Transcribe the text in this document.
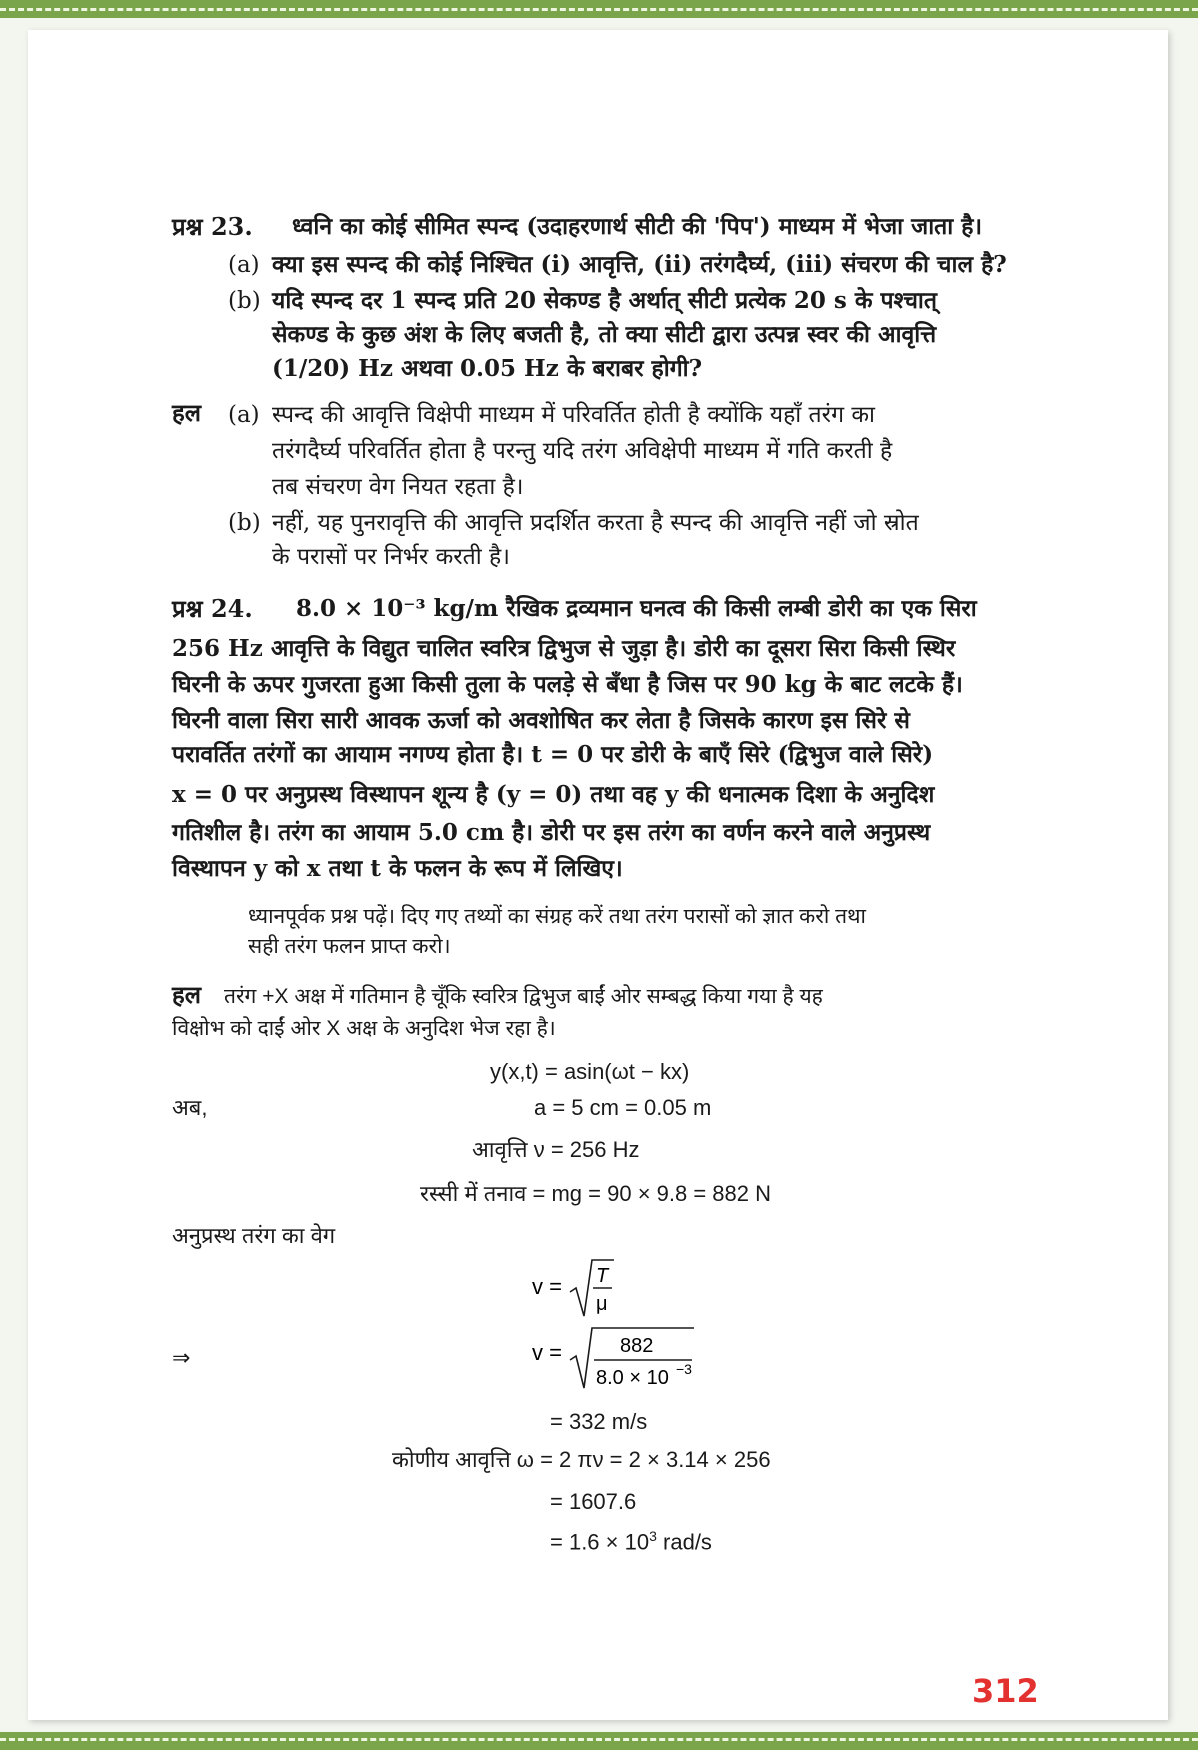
प्रश्न 23. ध्वनि का कोई सीमित स्पन्द (उदाहरणार्थ सीटी की 'पिप') माध्यम में भेजा जाता है।
(a) क्या इस स्पन्द की कोई निश्चित (i) आवृत्ति, (ii) तरंगदैर्घ्य, (iii) संचरण की चाल है?
(b) यदि स्पन्द दर 1 स्पन्द प्रति 20 सेकण्ड है अर्थात् सीटी प्रत्येक 20 s के पश्चात्
सेकण्ड के कुछ अंश के लिए बजती है, तो क्या सीटी द्वारा उत्पन्न स्वर की आवृत्ति
(1/20) Hz अथवा 0.05 Hz के बराबर होगी?
हल (a) स्पन्द की आवृत्ति विक्षेपी माध्यम में परिवर्तित होती है क्योंकि यहाँ तरंग का
तरंगदैर्घ्य परिवर्तित होता है परन्तु यदि तरंग अविक्षेपी माध्यम में गति करती है
तब संचरण वेग नियत रहता है।
(b) नहीं, यह पुनरावृत्ति की आवृत्ति प्रदर्शित करता है स्पन्द की आवृत्ति नहीं जो स्रोत
के परासों पर निर्भर करती है।
प्रश्न 24. 8.0 × 10⁻³ kg/m रैखिक द्रव्यमान घनत्व की किसी लम्बी डोरी का एक सिरा
256 Hz आवृत्ति के विद्युत चालित स्वरित्र द्विभुज से जुड़ा है। डोरी का दूसरा सिरा किसी स्थिर
घिरनी के ऊपर गुजरता हुआ किसी तुला के पलड़े से बँधा है जिस पर 90 kg के बाट लटके हैं।
घिरनी वाला सिरा सारी आवक ऊर्जा को अवशोषित कर लेता है जिसके कारण इस सिरे से
परावर्तित तरंगों का आयाम नगण्य होता है। t = 0 पर डोरी के बाएँ सिरे (द्विभुज वाले सिरे)
x = 0 पर अनुप्रस्थ विस्थापन शून्य है (y = 0) तथा वह y की धनात्मक दिशा के अनुदिश
गतिशील है। तरंग का आयाम 5.0 cm है। डोरी पर इस तरंग का वर्णन करने वाले अनुप्रस्थ
विस्थापन y को x तथा t के फलन के रूप में लिखिए।
ध्यानपूर्वक प्रश्न पढ़ें। दिए गए तथ्यों का संग्रह करें तथा तरंग परासों को ज्ञात करो तथा
सही तरंग फलन प्राप्त करो।
हल तरंग +X अक्ष में गतिमान है चूँकि स्वरित्र द्विभुज बाईं ओर सम्बद्ध किया गया है यह
विक्षोभ को दाईं ओर X अक्ष के अनुदिश भेज रहा है।
y(x,t) = asin(ωt − kx)
अब,	a = 5 cm = 0.05 m
आवृत्ति ν = 256 Hz
रस्सी में तनाव = mg = 90 × 9.8 = 882 N
अनुप्रस्थ तरंग का वेग
v = T
μ
⇒	v =	882
8.0 × 10 −3
= 332 m/s
कोणीय आवृत्ति ω = 2 πν = 2 × 3.14 × 256
= 1607.6
= $1.6 \times 10^3$ rad/s
312
